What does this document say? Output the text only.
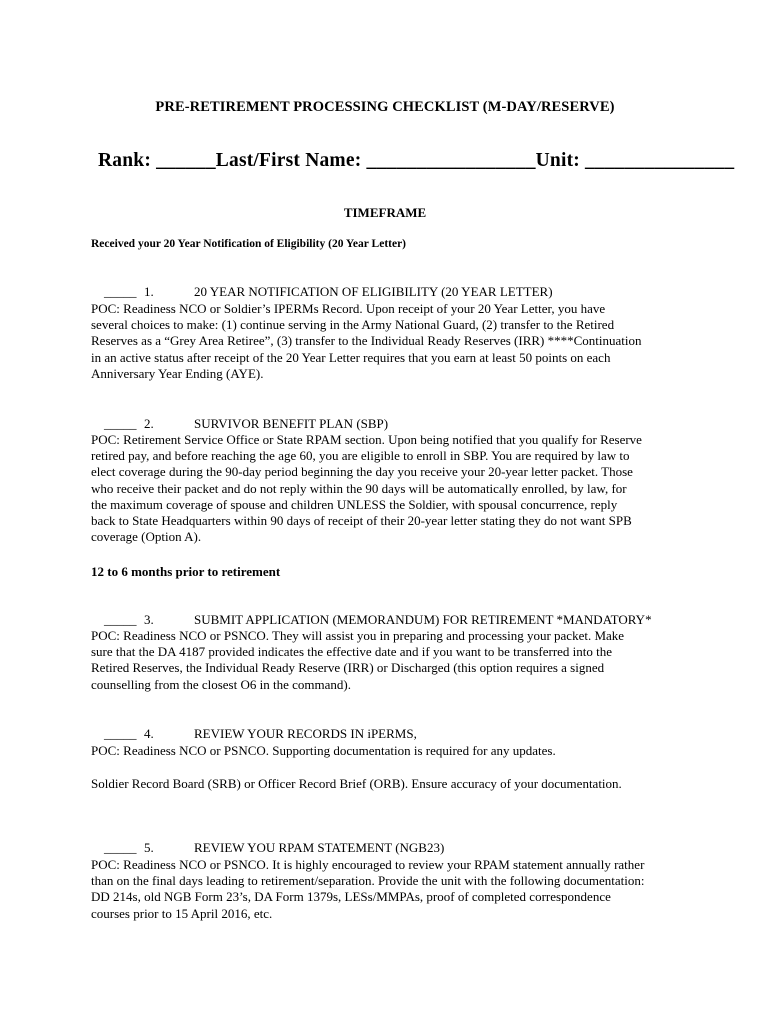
PRE-RETIREMENT PROCESSING CHECKLIST (M-DAY/RESERVE)
Rank: ______Last/First Name: _________________Unit: _______________
TIMEFRAME
Received your 20 Year Notification of Eligibility (20 Year Letter)

_____ 1.	20 YEAR NOTIFICATION OF ELIGIBILITY (20 YEAR LETTER)

POC: Readiness NCO or Soldier’s IPERMs Record. Upon receipt of your 20 Year Letter, you have
several choices to make: (1) continue serving in the Army National Guard, (2) transfer to the Retired
Reserves as a “Grey Area Retiree”, (3) transfer to the Individual Ready Reserves (IRR) ****Continuation
in an active status after receipt of the 20 Year Letter requires that you earn at least 50 points on each
Anniversary Year Ending (AYE).

_____ 2.	SURVIVOR BENEFIT PLAN (SBP)

POC: Retirement Service Office or State RPAM section. Upon being notified that you qualify for Reserve
retired pay, and before reaching the age 60, you are eligible to enroll in SBP. You are required by law to
elect coverage during the 90-day period beginning the day you receive your 20-year letter packet. Those
who receive their packet and do not reply within the 90 days will be automatically enrolled, by law, for
the maximum coverage of spouse and children UNLESS the Soldier, with spousal concurrence, reply
back to State Headquarters within 90 days of receipt of their 20-year letter stating they do not want SPB
coverage (Option A).
12 to 6 months prior to retirement

_____ 3.	SUBMIT APPLICATION (MEMORANDUM) FOR RETIREMENT *MANDATORY*

POC: Readiness NCO or PSNCO. They will assist you in preparing and processing your packet. Make
sure that the DA 4187 provided indicates the effective date and if you want to be transferred into the
Retired Reserves, the Individual Ready Reserve (IRR) or Discharged (this option requires a signed
counselling from the closest O6 in the command).

_____ 4.	REVIEW YOUR RECORDS IN iPERMS,

POC: Readiness NCO or PSNCO. Supporting documentation is required for any updates.
Soldier Record Board (SRB) or Officer Record Brief (ORB). Ensure accuracy of your documentation.

_____ 5.	REVIEW YOU RPAM STATEMENT (NGB23)

POC: Readiness NCO or PSNCO. It is highly encouraged to review your RPAM statement annually rather
than on the final days leading to retirement/separation. Provide the unit with the following documentation:
DD 214s, old NGB Form 23’s, DA Form 1379s, LESs/MMPAs, proof of completed correspondence
courses prior to 15 April 2016, etc.
